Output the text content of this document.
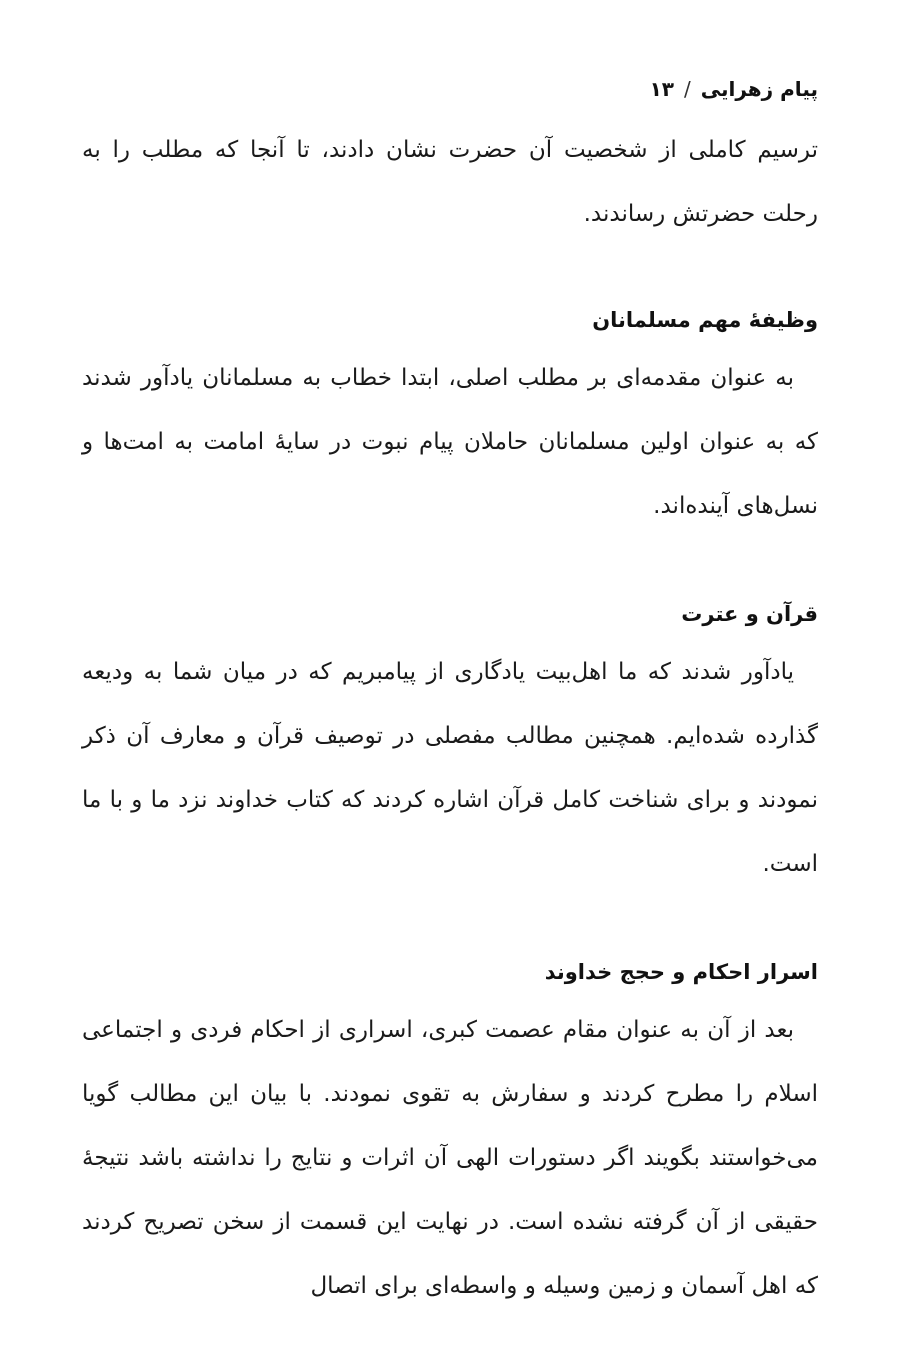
پیام زهرایی
/
۱۳

ترسیم کاملی از شخصیت آن حضرت نشان دادند، تا آنجا که مطلب را به رحلت حضرتش رساندند.

وظیفهٔ مهم مسلمانان

به عنوان مقدمه‌ای بر مطلب اصلی، ابتدا خطاب به مسلمانان یادآور شدند که به عنوان اولین مسلمانان حاملان پیام نبوت در سایهٔ امامت به امت‌ها و نسل‌های آینده‌اند.

قرآن و عترت

یادآور شدند که ما اهل‌بیت یادگاری از پیامبریم که در میان شما به ودیعه گذارده شده‌ایم. همچنین مطالب مفصلی در توصیف قرآن و معارف آن ذکر نمودند و برای شناخت کامل قرآن اشاره کردند که کتاب خداوند نزد ما و با ما است.

اسرار احکام و حجج خداوند

بعد از آن به عنوان مقام عصمت کبری، اسراری از احکام فردی و اجتماعی اسلام را مطرح کردند و سفارش به تقوی نمودند. با بیان این مطالب گویا می‌خواستند بگویند اگر دستورات الهی آن اثرات و نتایج را نداشته باشد نتیجهٔ حقیقی از آن گرفته نشده است. در نهایت این قسمت از سخن تصریح کردند که اهل آسمان و زمین وسیله و واسطه‌ای برای اتصال
